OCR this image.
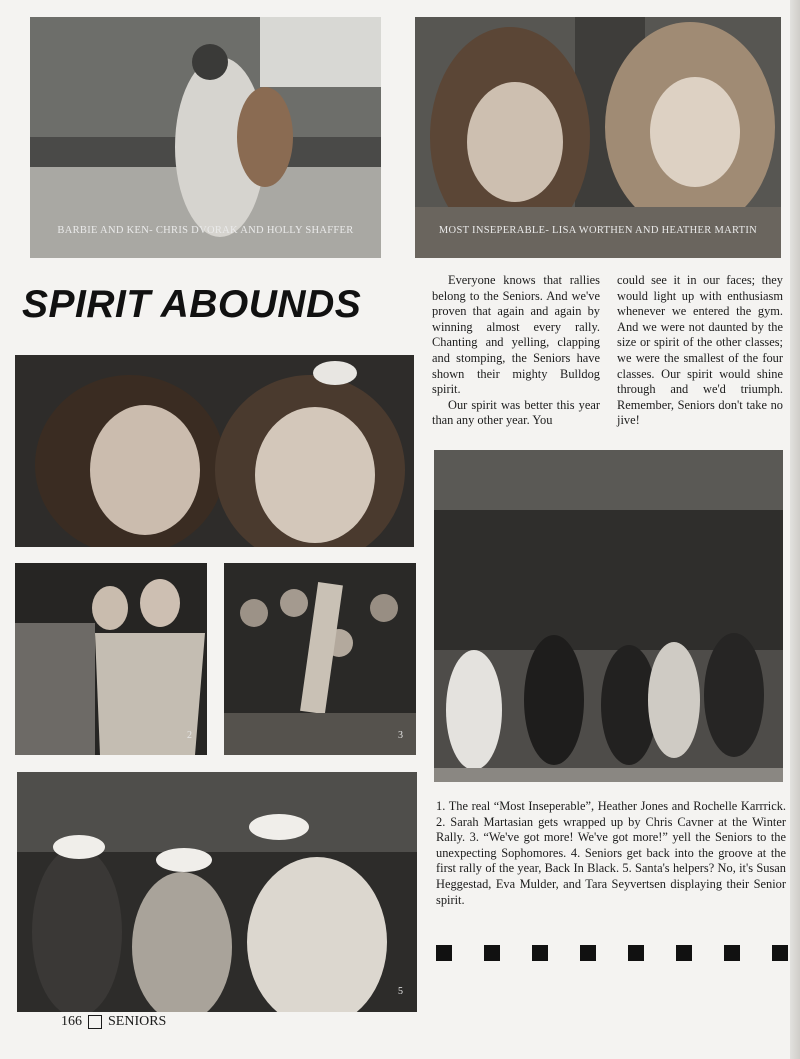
BARBIE AND KEN- CHRIS DVORAK AND HOLLY SHAFFER	MOST INSEPERABLE- LISA WORTHEN AND HEATHER MARTIN
SPIRIT ABOUNDS

Everyone knows that rallies belong to the Seniors. And we've proven that again and again by winning almost every rally. Chanting and yelling, clapping and stomping, the Seniors have shown their mighty Bulldog spirit.

Our spirit was better this year than any other year. You

could see it in our faces; they would light up with enthusiasm whenever we entered the gym. And we were not daunted by the size or spirit of the other classes; we were the smallest of the four classes. Our spirit would shine through and we'd triumph. Remember, Seniors don't take no jive!

2	3
5
1. The real “Most Inseperable”, Heather Jones and Rochelle Karrrick. 2. Sarah Martasian gets wrapped up by Chris Cavner at the Winter Rally. 3. “We've got more! We've got more!” yell the Seniors to the unexpecting Sophomores. 4. Seniors get back into the groove at the first rally of the year, Back In Black. 5. Santa's helpers? No, it's Susan Heggestad, Eva Mulder, and Tara Seyvertsen displaying their Senior spirit.
166 SENIORS
